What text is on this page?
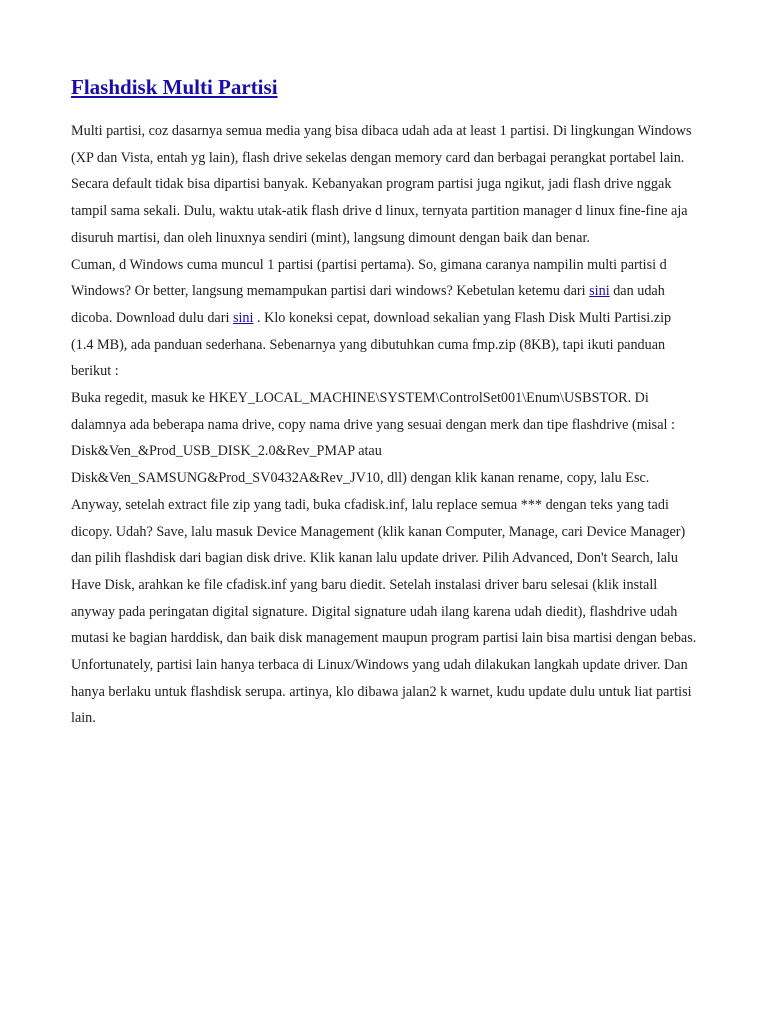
Flashdisk Multi Partisi

Multi partisi, coz dasarnya semua media yang bisa dibaca udah ada at least 1 partisi. Di lingkungan Windows (XP dan Vista, entah yg lain), flash drive sekelas dengan memory card dan berbagai perangkat portabel lain. Secara default tidak bisa dipartisi banyak. Kebanyakan program partisi juga ngikut, jadi flash drive nggak tampil sama sekali. Dulu, waktu utak-atik flash drive d linux, ternyata partition manager d linux fine-fine aja disuruh martisi, dan oleh linuxnya sendiri (mint), langsung dimount dengan baik dan benar.

Cuman, d Windows cuma muncul 1 partisi (partisi pertama). So, gimana caranya nampilin multi partisi d Windows? Or better, langsung memampukan partisi dari windows? Kebetulan ketemu dari sini dan udah dicoba. Download dulu dari sini . Klo koneksi cepat, download sekalian yang Flash Disk Multi Partisi.zip (1.4 MB), ada panduan sederhana. Sebenarnya yang dibutuhkan cuma fmp.zip (8KB), tapi ikuti panduan berikut :

Buka regedit, masuk ke HKEY_LOCAL_MACHINE\SYSTEM\ControlSet001\Enum\USBSTOR. Di dalamnya ada beberapa nama drive, copy nama drive yang sesuai dengan merk dan tipe flashdrive (misal : Disk&Ven_&Prod_USB_DISK_2.0&Rev_PMAP atau Disk&Ven_SAMSUNG&Prod_SV0432A&Rev_JV10, dll) dengan klik kanan rename, copy, lalu Esc. Anyway, setelah extract file zip yang tadi, buka cfadisk.inf, lalu replace semua *** dengan teks yang tadi dicopy. Udah? Save, lalu masuk Device Management (klik kanan Computer, Manage, cari Device Manager) dan pilih flashdisk dari bagian disk drive. Klik kanan lalu update driver. Pilih Advanced, Don't Search, lalu Have Disk, arahkan ke file cfadisk.inf yang baru diedit. Setelah instalasi driver baru selesai (klik install anyway pada peringatan digital signature. Digital signature udah ilang karena udah diedit), flashdrive udah mutasi ke bagian harddisk, dan baik disk management maupun program partisi lain bisa martisi dengan bebas. Unfortunately, partisi lain hanya terbaca di Linux/Windows yang udah dilakukan langkah update driver. Dan hanya berlaku untuk flashdisk serupa. artinya, klo dibawa jalan2 k warnet, kudu update dulu untuk liat partisi lain.
